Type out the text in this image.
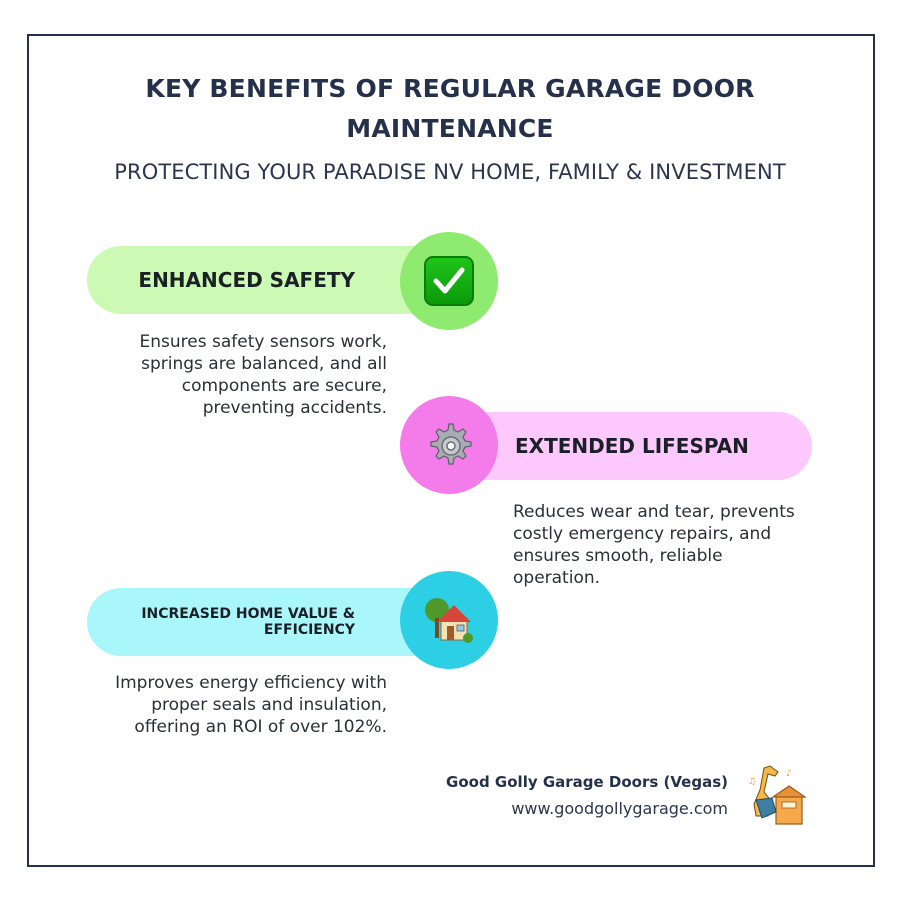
KEY BENEFITS OF REGULAR GARAGE DOOR
MAINTENANCE
PROTECTING YOUR PARADISE NV HOME, FAMILY & INVESTMENT
ENHANCED SAFETY
Ensures safety sensors work, springs are balanced, and all components are secure, preventing accidents.
EXTENDED LIFESPAN
Reduces wear and tear, prevents costly emergency repairs, and ensures smooth, reliable operation.
INCREASED HOME VALUE & EFFICIENCY
Improves energy efficiency with proper seals and insulation, offering an ROI of over 102%.
Good Golly Garage Doors (Vegas)
www.goodgollygarage.com
♪
♫
